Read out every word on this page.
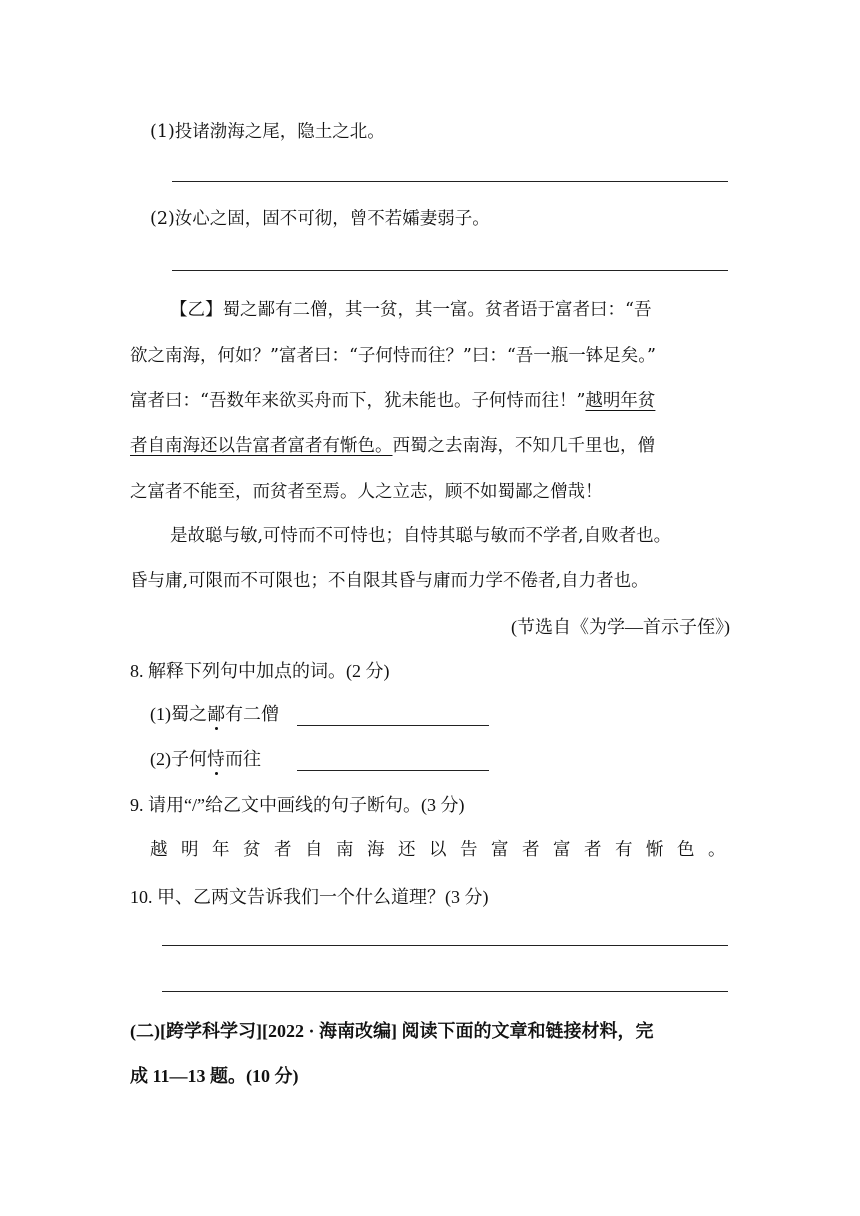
(1)投诸渤海之尾，隐土之北。
(2)汝心之固，固不可彻，曾不若孀妻弱子。
【乙】蜀之鄙有二僧，其一贫，其一富。贫者语于富者曰：“吾
欲之南海，何如？”富者曰：“子何恃而往？”曰：“吾一瓶一钵足矣。”
富者曰：“吾数年来欲买舟而下，犹未能也。子何恃而往！”越明年贫
者自南海还以告富者富者有惭色。西蜀之去南海，不知几千里也，僧
之富者不能至，而贫者至焉。人之立志，顾不如蜀鄙之僧哉！
是故聪与敏,可恃而不可恃也；自恃其聪与敏而不学者,自败者也。
昏与庸,可限而不可限也；不自限其昏与庸而力学不倦者,自力者也。
(节选自《为学—首示子侄》)
8. 解释下列句中加点的词。(2 分)
(1)蜀之鄙有二僧
(2)子何恃而往
9. 请用“/”给乙文中画线的句子断句。(3 分)
越明年贫者自南海还以告富者富者有惭色。
10. 甲、乙两文告诉我们一个什么道理？(3 分)
(二)[跨学科学习][2022 · 海南改编] 阅读下面的文章和链接材料，完
成 11—13 题。(10 分)
